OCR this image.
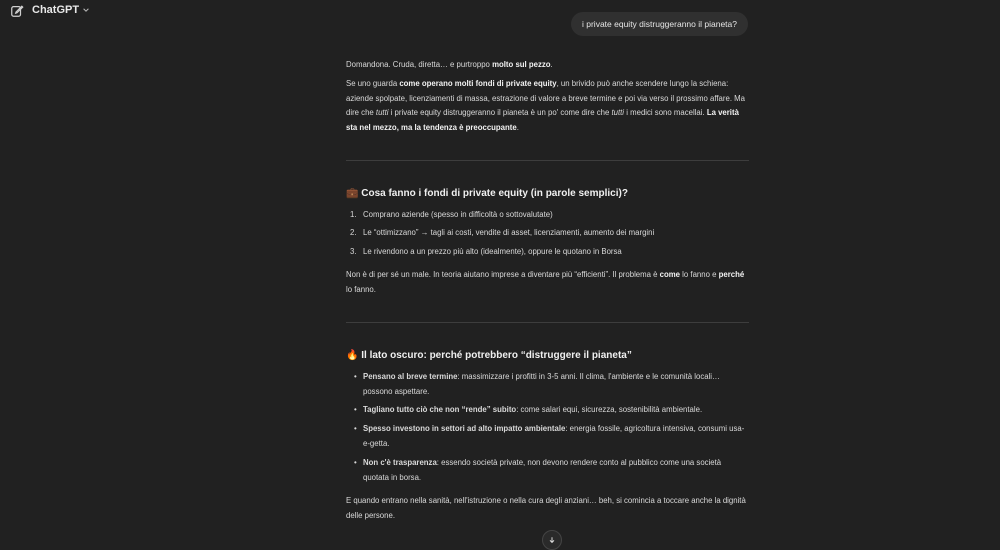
ChatGPT
i private equity distruggeranno il pianeta?

Domandona. Cruda, diretta… e purtroppo molto sul pezzo.

Se uno guarda come operano molti fondi di private equity, un brivido può anche scendere lungo la schiena: aziende spolpate, licenziamenti di massa, estrazione di valore a breve termine e poi via verso il prossimo affare. Ma dire che tutti i private equity distruggeranno il pianeta è un po' come dire che tutti i medici sono macellai. La verità sta nel mezzo, ma la tendenza è preoccupante.

💼 Cosa fanno i fondi di private equity (in parole semplici)?
1. Comprano aziende (spesso in difficoltà o sottovalutate)
2. Le “ottimizzano” → tagli ai costi, vendite di asset, licenziamenti, aumento dei margini
3. Le rivendono a un prezzo più alto (idealmente), oppure le quotano in Borsa

Non è di per sé un male. In teoria aiutano imprese a diventare più “efficienti”. Il problema è come lo fanno e perché lo fanno.

🔥 Il lato oscuro: perché potrebbero “distruggere il pianeta”
• Pensano al breve termine: massimizzare i profitti in 3-5 anni. Il clima, l'ambiente e le comunità locali… possono aspettare.
• Tagliano tutto ciò che non “rende” subito: come salari equi, sicurezza, sostenibilità ambientale.
• Spesso investono in settori ad alto impatto ambientale: energia fossile, agricoltura intensiva, consumi usa-e-getta.
• Non c'è trasparenza: essendo società private, non devono rendere conto al pubblico come una società quotata in borsa.

E quando entrano nella sanità, nell'istruzione o nella cura degli anziani… beh, si comincia a toccare anche la dignità delle persone.
